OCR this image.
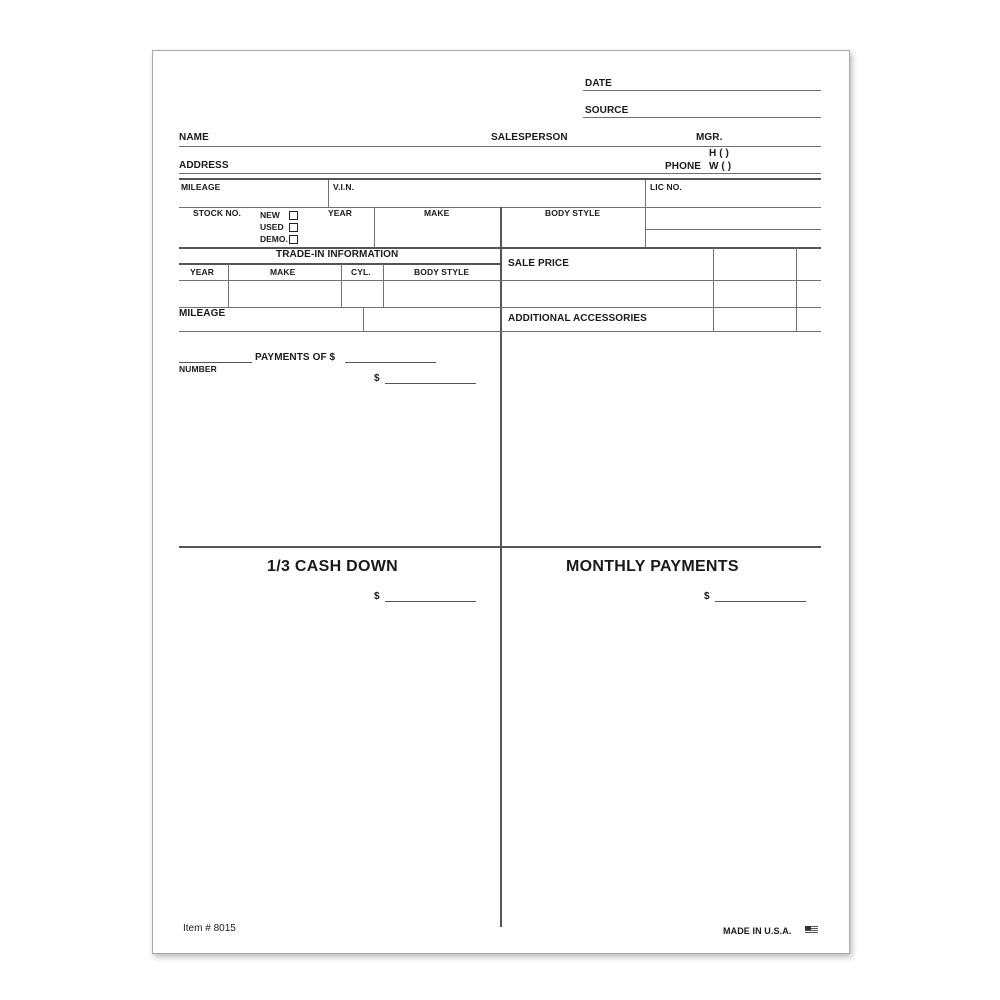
DATE
SOURCE
NAME	SALESPERSON	MGR.
ADDRESS
H ( )
PHONE W ( )
MILEAGE	V.I.N.	LIC NO.
STOCK NO. NEW
USED
DEMO.
YEAR	MAKE	BODY STYLE
TRADE-IN INFORMATION
YEAR	MAKE	CYL.	BODY STYLE
MILEAGE
SALE PRICE
ADDITIONAL ACCESSORIES
PAYMENTS OF $
NUMBER
$
1/3 CASH DOWN	MONTHLY PAYMENTS
$	$
Item # 8015	MADE IN U.S.A.
